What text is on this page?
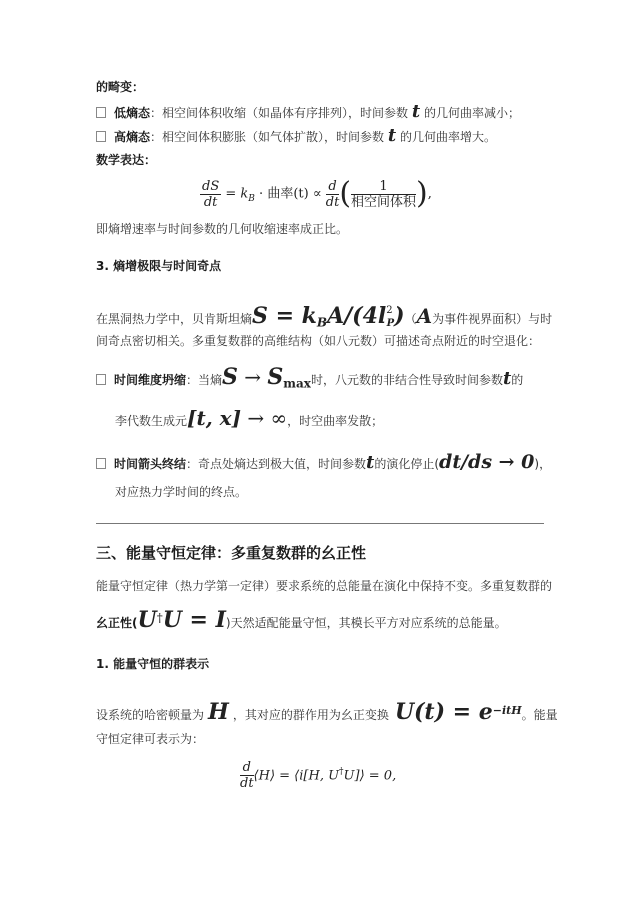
的畸变：
低熵态：相空间体积收缩（如晶体有序排列），时间参数 t 的几何曲率减小；
高熵态：相空间体积膨胀（如气体扩散），时间参数 t 的几何曲率增大。
数学表达：
$\frac{dS}{dt} = k_B$ · 曲率$(t) \propto \frac{d}{dt}$ ( $\frac{1}{\text{相空间体积}}$ ),
即熵增速率与时间参数的几何收缩速率成正比。
3. 熵增极限与时间奇点
在黑洞热力学中，贝肯斯坦熵$S = k_BA/(4l^2_P)(A$为事件视界面积）与时
间奇点密切相关。多重复数群的高维结构（如八元数）可描述奇点附近的时空退化：
时间维度坍缩：当熵$S \to S_{max}$时，八元数的非结合性导致时间参数t的
李代数生成元[t, x] → ∞，时空曲率发散；
时间箭头终结：奇点处熵达到极大值，时间参数t的演化停止(dt/ds → 0)，
对应热力学时间的终点。
三、能量守恒定律：多重复数群的幺正性
能量守恒定律（热力学第一定律）要求系统的总能量在演化中保持不变。多重复数群的
幺正性(U†U = I)天然适配能量守恒，其模长平方对应系统的总能量。
1. 能量守恒的群表示
设系统的哈密顿量为 H ，其对应的群作用为幺正变换 $U(t) = e^{-itH}$。能量
守恒定律可表示为：
$\frac{d}{dt}$ ⟨H⟩ = ⟨i[H, U†U]⟩ = 0,
